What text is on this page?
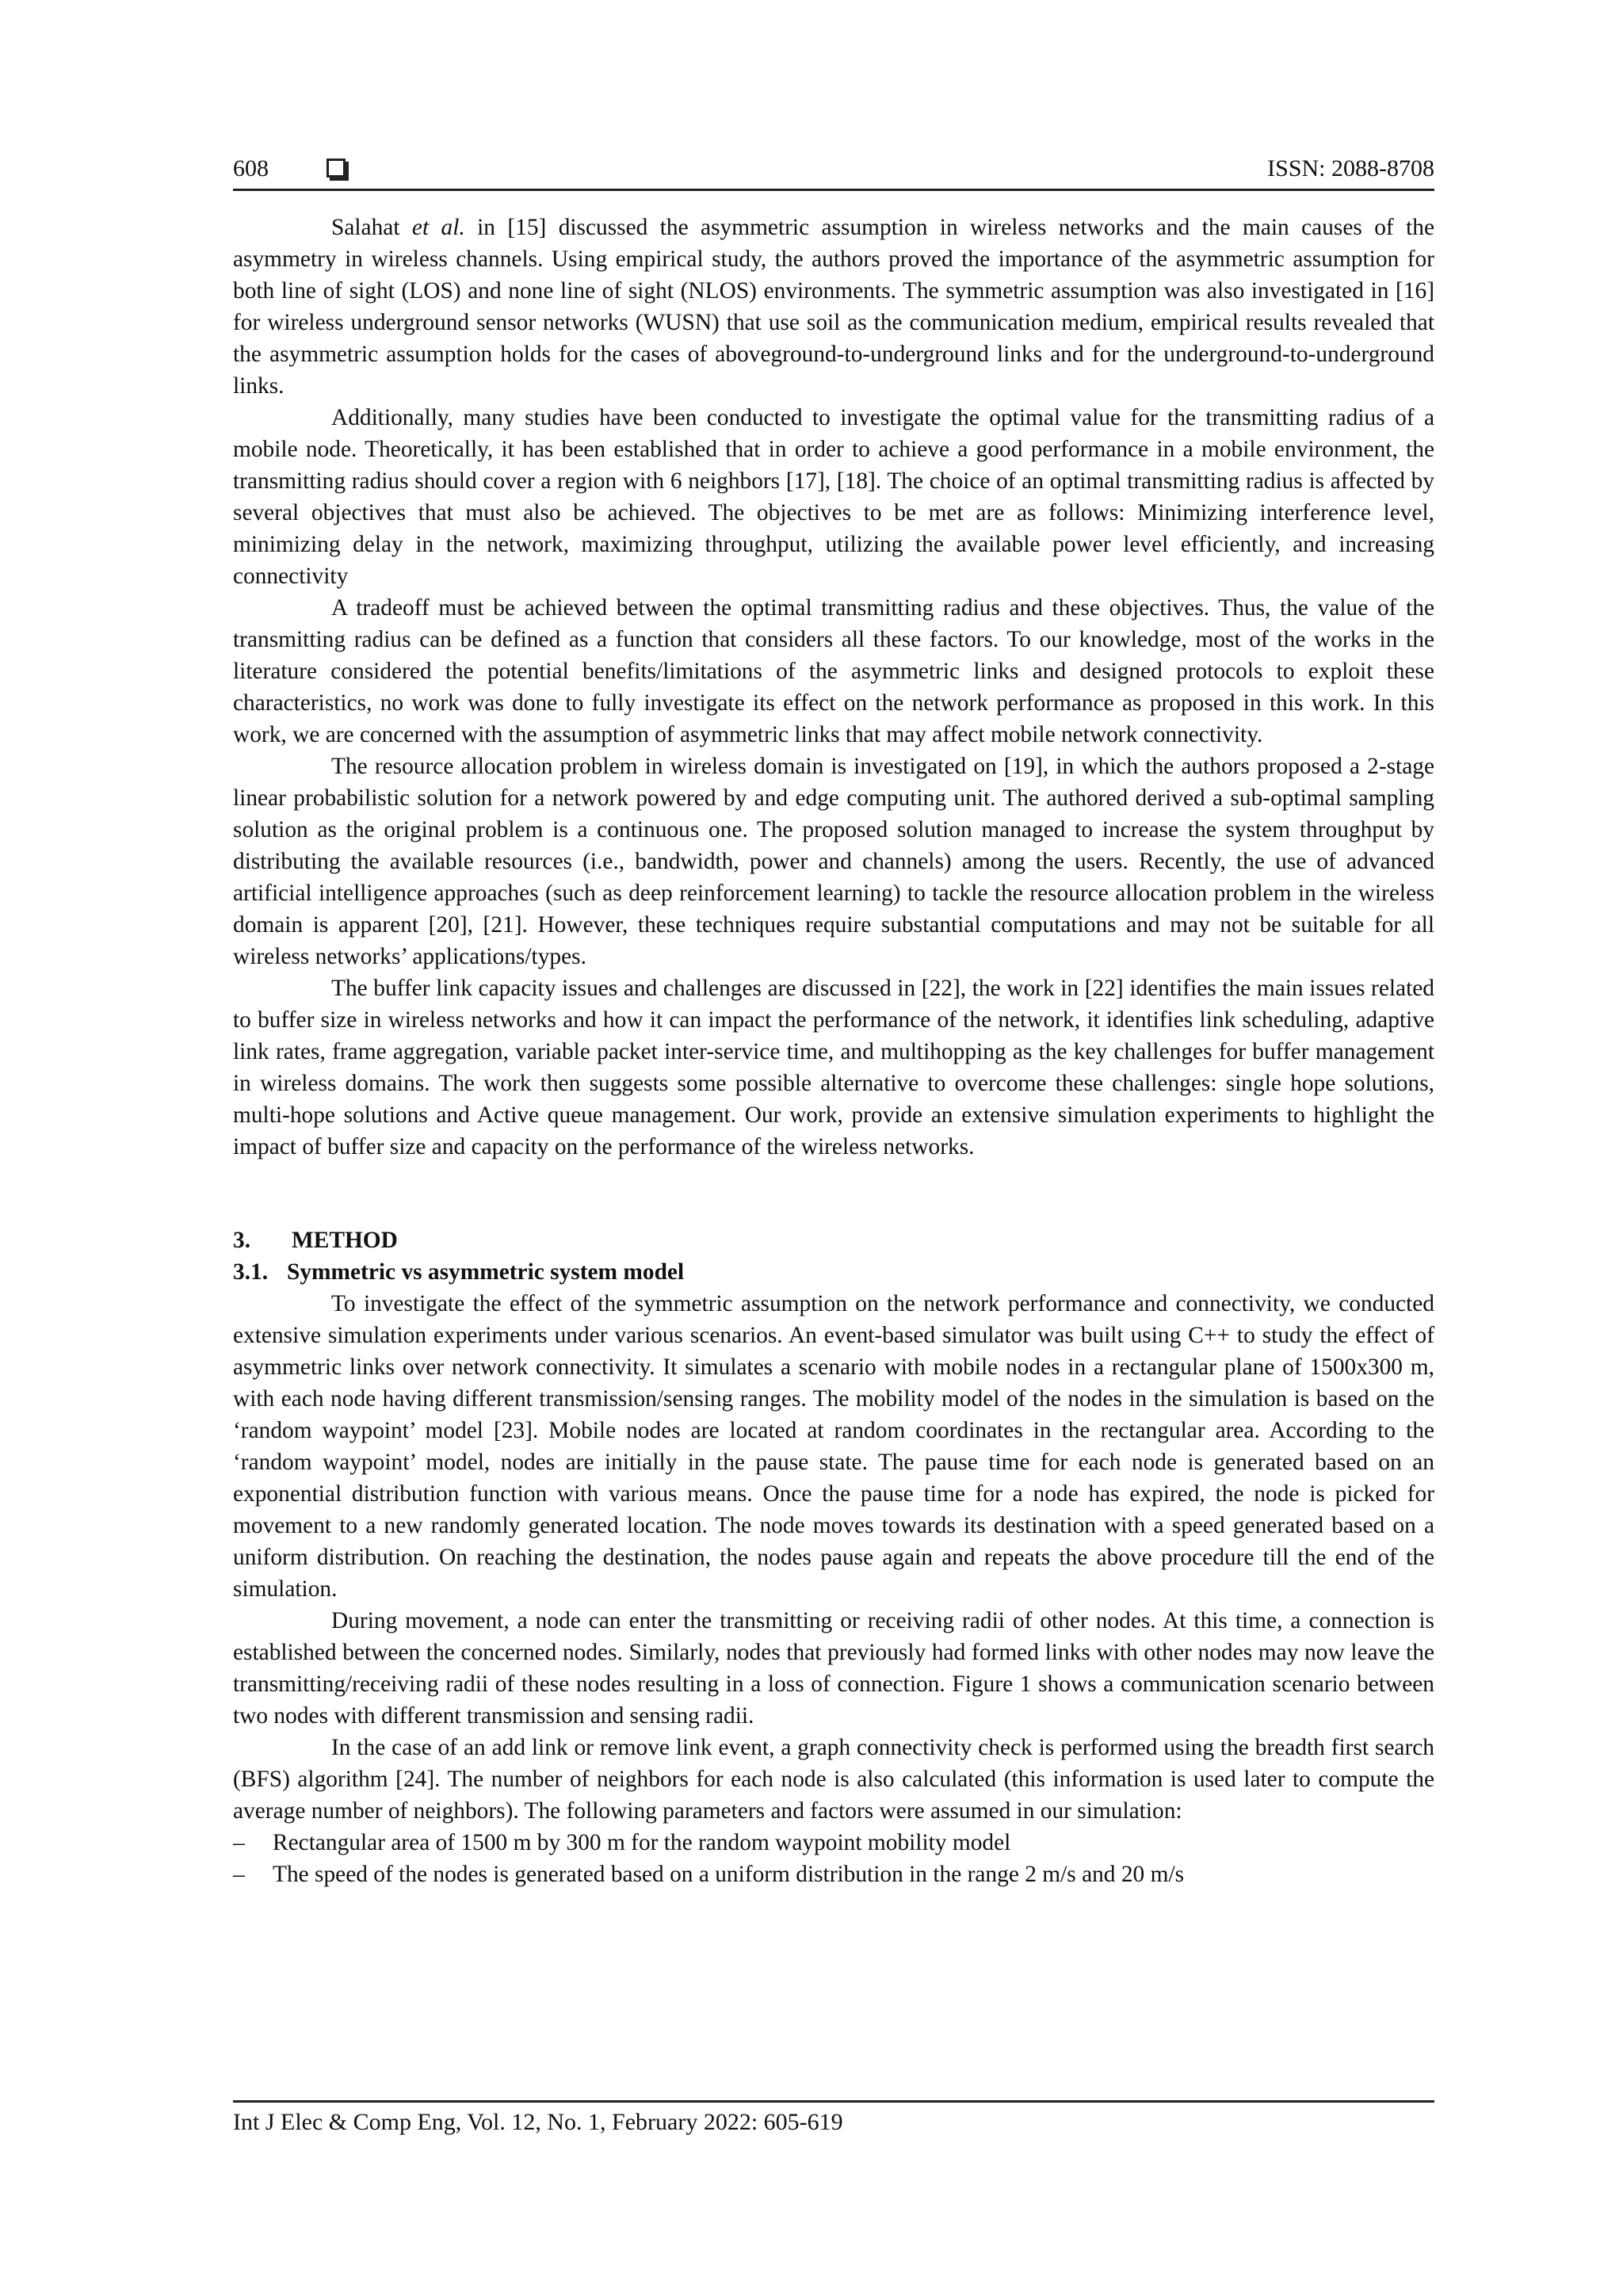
608	ISSN: 2088-8708

Salahat et al. in [15] discussed the asymmetric assumption in wireless networks and the main causes of the asymmetry in wireless channels. Using empirical study, the authors proved the importance of the asymmetric assumption for both line of sight (LOS) and none line of sight (NLOS) environments. The symmetric assumption was also investigated in [16] for wireless underground sensor networks (WUSN) that use soil as the communication medium, empirical results revealed that the asymmetric assumption holds for the cases of aboveground-to-underground links and for the underground-to-underground links.

Additionally, many studies have been conducted to investigate the optimal value for the transmitting radius of a mobile node. Theoretically, it has been established that in order to achieve a good performance in a mobile environment, the transmitting radius should cover a region with 6 neighbors [17], [18]. The choice of an optimal transmitting radius is affected by several objectives that must also be achieved. The objectives to be met are as follows: Minimizing interference level, minimizing delay in the network, maximizing throughput, utilizing the available power level efficiently, and increasing connectivity

A tradeoff must be achieved between the optimal transmitting radius and these objectives. Thus, the value of the transmitting radius can be defined as a function that considers all these factors. To our knowledge, most of the works in the literature considered the potential benefits/limitations of the asymmetric links and designed protocols to exploit these characteristics, no work was done to fully investigate its effect on the network performance as proposed in this work. In this work, we are concerned with the assumption of asymmetric links that may affect mobile network connectivity.

The resource allocation problem in wireless domain is investigated on [19], in which the authors proposed a 2-stage linear probabilistic solution for a network powered by and edge computing unit. The authored derived a sub-optimal sampling solution as the original problem is a continuous one. The proposed solution managed to increase the system throughput by distributing the available resources (i.e., bandwidth, power and channels) among the users. Recently, the use of advanced artificial intelligence approaches (such as deep reinforcement learning) to tackle the resource allocation problem in the wireless domain is apparent [20], [21]. However, these techniques require substantial computations and may not be suitable for all wireless networks’ applications/types.

The buffer link capacity issues and challenges are discussed in [22], the work in [22] identifies the main issues related to buffer size in wireless networks and how it can impact the performance of the network, it identifies link scheduling, adaptive link rates, frame aggregation, variable packet inter-service time, and multihopping as the key challenges for buffer management in wireless domains. The work then suggests some possible alternative to overcome these challenges: single hope solutions, multi-hope solutions and Active queue management. Our work, provide an extensive simulation experiments to highlight the impact of buffer size and capacity on the performance of the wireless networks.

3. METHOD
3.1. Symmetric vs asymmetric system model

To investigate the effect of the symmetric assumption on the network performance and connectivity, we conducted extensive simulation experiments under various scenarios. An event-based simulator was built using C++ to study the effect of asymmetric links over network connectivity. It simulates a scenario with mobile nodes in a rectangular plane of 1500x300 m, with each node having different transmission/sensing ranges. The mobility model of the nodes in the simulation is based on the ‘random waypoint’ model [23]. Mobile nodes are located at random coordinates in the rectangular area. According to the ‘random waypoint’ model, nodes are initially in the pause state. The pause time for each node is generated based on an exponential distribution function with various means. Once the pause time for a node has expired, the node is picked for movement to a new randomly generated location. The node moves towards its destination with a speed generated based on a uniform distribution. On reaching the destination, the nodes pause again and repeats the above procedure till the end of the simulation.

During movement, a node can enter the transmitting or receiving radii of other nodes. At this time, a connection is established between the concerned nodes. Similarly, nodes that previously had formed links with other nodes may now leave the transmitting/receiving radii of these nodes resulting in a loss of connection. Figure 1 shows a communication scenario between two nodes with different transmission and sensing radii.

In the case of an add link or remove link event, a graph connectivity check is performed using the breadth first search (BFS) algorithm [24]. The number of neighbors for each node is also calculated (this information is used later to compute the average number of neighbors). The following parameters and factors were assumed in our simulation:

– Rectangular area of 1500 m by 300 m for the random waypoint mobility model
– The speed of the nodes is generated based on a uniform distribution in the range 2 m/s and 20 m/s
Int J Elec & Comp Eng, Vol. 12, No. 1, February 2022: 605-619
